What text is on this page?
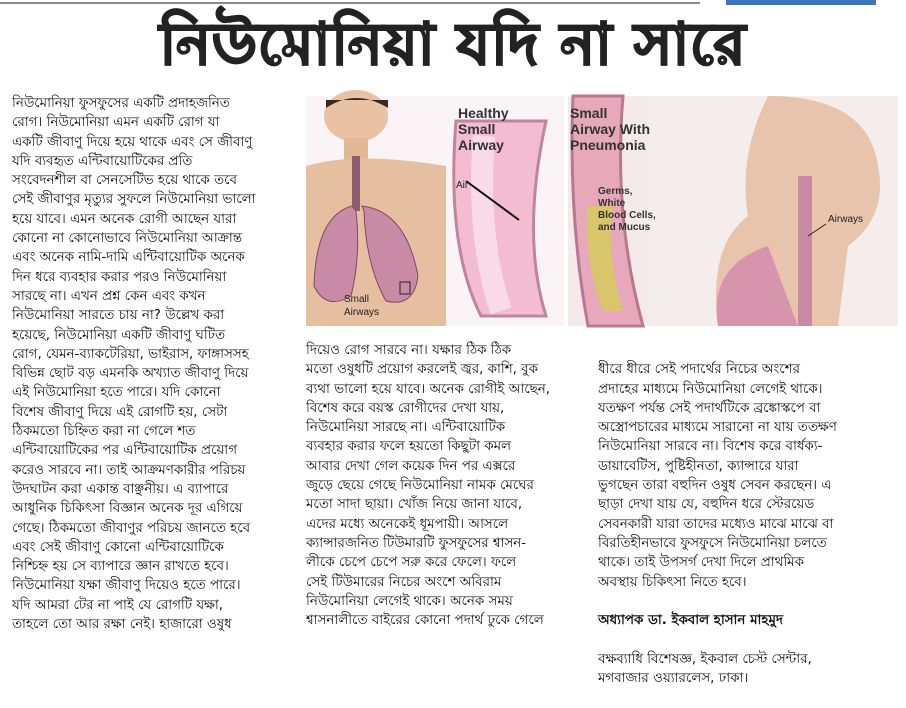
নিউমোনিয়া যদি না সারে
নিউমোনিয়া ফুসফুসের একটি প্রদাহজনিত
রোগ। নিউমোনিয়া এমন একটি রোগ যা
একটি জীবাণু দিয়ে হয়ে থাকে এবং সে জীবাণু
যদি ব্যবহৃত এন্টিবায়োটিকের প্রতি
সংবেদনশীল বা সেনসেটিভ হয়ে থাকে তবে
সেই জীবাণুর মৃত্যুর সুফলে নিউমোনিয়া ভালো
হয়ে যাবে। এমন অনেক রোগী আছেন যারা
কোনো না কোনোভাবে নিউমোনিয়া আক্রান্ত
এবং অনেক নামি-দামি এন্টিবায়োটিক অনেক
দিন ধরে ব্যবহার করার পরও নিউমোনিয়া
সারছে না। এখন প্রশ্ন কেন এবং কখন
নিউমোনিয়া সারতে চায় না? উল্লেখ করা
হয়েছে, নিউমোনিয়া একটি জীবাণু ঘটিত
রোগ, যেমন-ব্যাকটেরিয়া, ভাইরাস, ফাঙ্গাসসহ
বিভিন্ন ছোট বড় এমনকি অখ্যাত জীবাণু দিয়ে
এই নিউমোনিয়া হতে পারে। যদি কোনো
বিশেষ জীবাণু দিয়ে এই রোগটি হয়, সেটা
ঠিকমতো চিহ্নিত করা না গেলে শত
এন্টিবায়োটিকের পর এন্টিবায়োটিক প্রয়োগ
করেও সারবে না। তাই আক্রমণকারীর পরিচয়
উদঘাটন করা একান্ত বাঞ্ছনীয়। এ ব্যাপারে
আধুনিক চিকিৎসা বিজ্ঞান অনেক দূর এগিয়ে
গেছে। ঠিকমতো জীবাণুর পরিচয় জানতে হবে
এবং সেই জীবাণু কোনো এন্টিবায়োটিকে
নিশ্চিহ্ন হয় সে ব্যাপারে জ্ঞান রাখতে হবে।
নিউমোনিয়া যক্ষা জীবাণু দিয়েও হতে পারে।
যদি আমরা টের না পাই যে রোগটি যক্ষা,
তাহলে তো আর রক্ষা নেই। হাজারো ওষুধ
Healthy
Small
Airway
Air
Small
Airways
Airways
Small
Airway With
Pneumonia
Germs,
White
Blood Cells,
and Mucus
দিয়েও রোগ সারবে না। যক্ষার ঠিক ঠিক
মতো ওষুধটি প্রয়োগ করলেই জ্বর, কাশি, বুক
ব্যথা ভালো হয়ে যাবে। অনেক রোগীই আছেন,
বিশেষ করে বয়স্ক রোগীদের দেখা যায়,
নিউমোনিয়া সারছে না। এন্টিবায়োটিক
ব্যবহার করার ফলে হয়তো কিছুটা কমল
আবার দেখা গেল কয়েক দিন পর এক্সরে
জুড়ে ছেয়ে গেছে নিউমোনিয়া নামক মেঘের
মতো সাদা ছায়া। খোঁজ নিয়ে জানা যাবে,
এদের মধ্যে অনেকেই ধূমপায়ী। আসলে
ক্যান্সারজনিত টিউমারটি ফুসফুসের শ্বাসন-
লীকে চেপে চেপে সরু করে ফেলে। ফলে
সেই টিউমারের নিচের অংশে অবিরাম
নিউমোনিয়া লেগেই থাকে। অনেক সময়
শ্বাসনালীতে বাইরের কোনো পদার্থ ঢুকে গেলে

ধীরে ধীরে সেই পদার্থের নিচের অংশের
প্রদাহের মাধ্যমে নিউমোনিয়া লেগেই থাকে।
যতক্ষণ পর্যন্ত সেই পদার্থটিকে ব্রঙ্কোস্কপে বা
অস্ত্রোপচারের মাধ্যমে সারানো না যায় ততক্ষণ
নিউমোনিয়া সারবে না। বিশেষ করে বার্ধক্য-
ডায়াবেটিস, পুষ্টিহীনতা, ক্যান্সারে যারা
ভুগছেন তারা বহুদিন ওষুধ সেবন করছেন। এ
ছাড়া দেখা যায় যে, বহুদিন ধরে স্টেরয়েড
সেবনকারী যারা তাদের মধ্যেও মাঝে মাঝে বা
বিরতিহীনভাবে ফুসফুসে নিউমোনিয়া চলতে
থাকে। তাই উপসর্গ দেখা দিলে প্রাথমিক
অবস্থায় চিকিৎসা নিতে হবে।

অধ্যাপক ডা. ইকবাল হাসান মাহমুদ

বক্ষব্যাধি বিশেষজ্ঞ, ইকবাল চেস্ট সেন্টার,
মগবাজার ওয়্যারলেস, ঢাকা।
